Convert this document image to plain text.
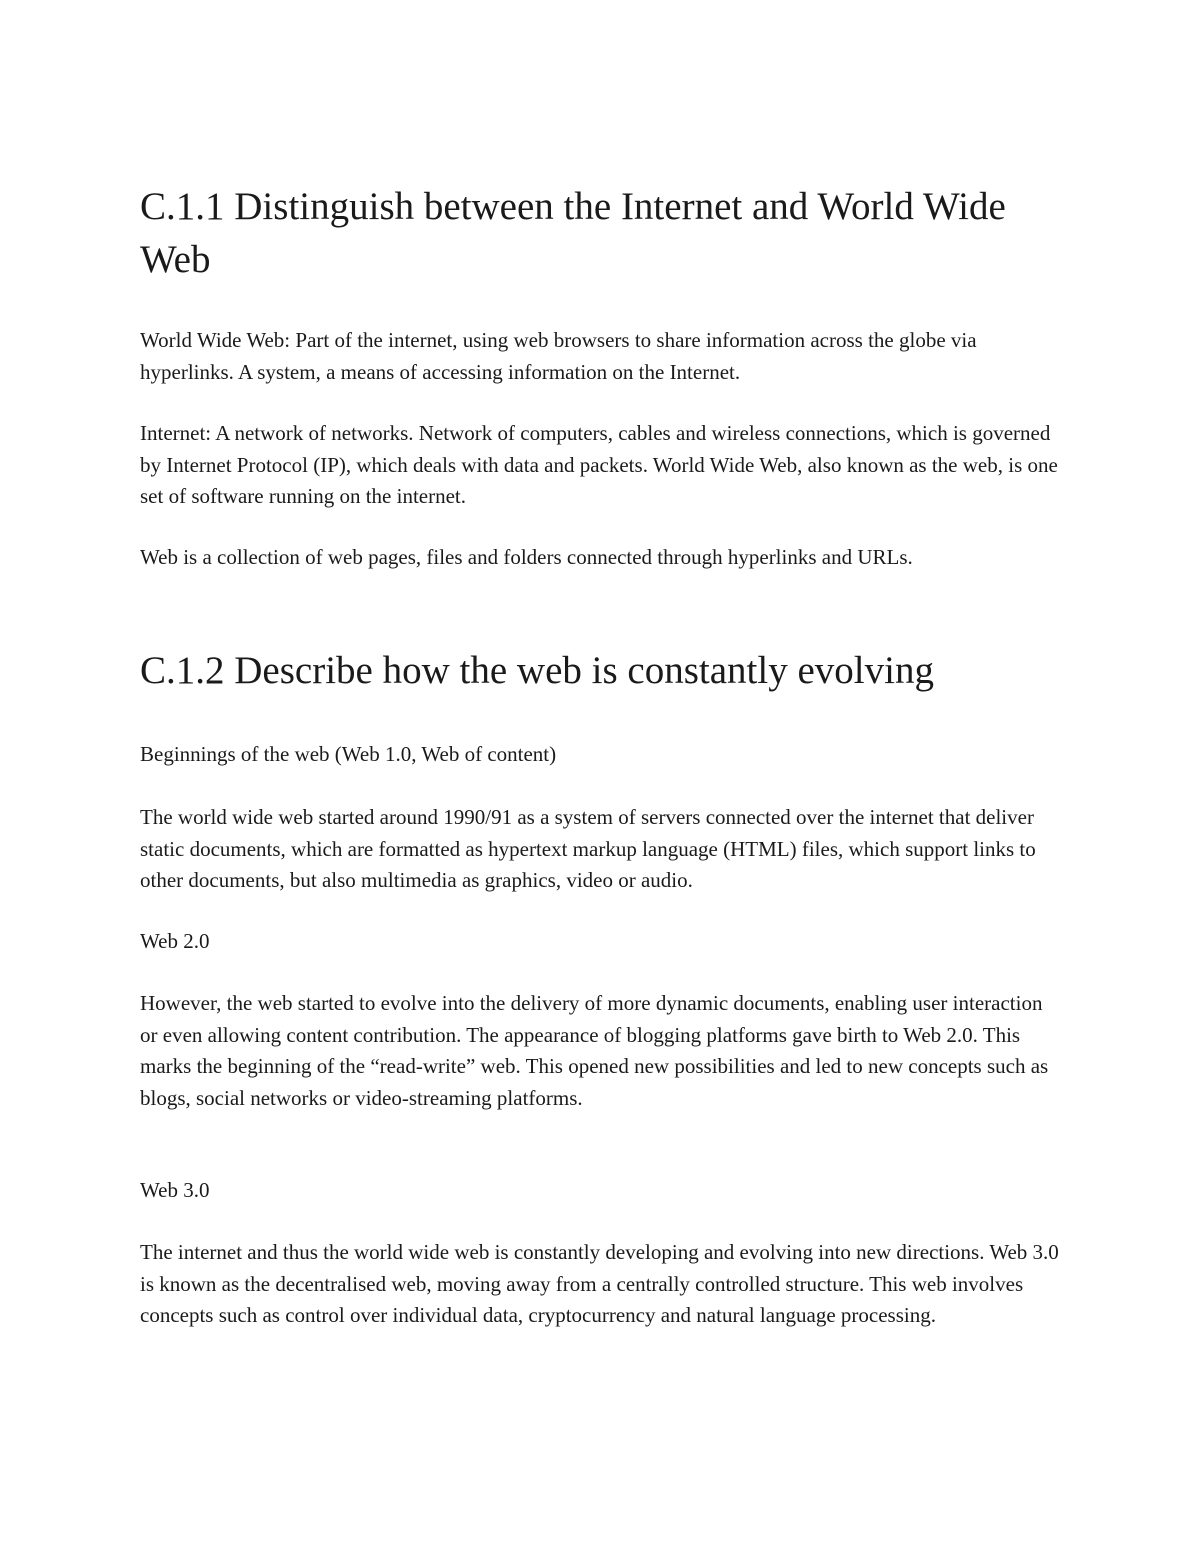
C.1.1 Distinguish between the Internet and World Wide Web

World Wide Web: Part of the internet, using web browsers to share information across the globe via hyperlinks. A system, a means of accessing information on the Internet.

Internet: A network of networks. Network of computers, cables and wireless connections, which is governed by Internet Protocol (IP), which deals with data and packets. World Wide Web, also known as the web, is one set of software running on the internet.

Web is a collection of web pages, files and folders connected through hyperlinks and URLs.

C.1.2 Describe how the web is constantly evolving

Beginnings of the web (Web 1.0, Web of content)

The world wide web started around 1990/91 as a system of servers connected over the internet that deliver static documents, which are formatted as hypertext markup language (HTML) files, which support links to other documents, but also multimedia as graphics, video or audio.

Web 2.0

However, the web started to evolve into the delivery of more dynamic documents, enabling user interaction or even allowing content contribution. The appearance of blogging platforms gave birth to Web 2.0. This marks the beginning of the “read-write” web. This opened new possibilities and led to new concepts such as blogs, social networks or video-streaming platforms.

Web 3.0

The internet and thus the world wide web is constantly developing and evolving into new directions. Web 3.0 is known as the decentralised web, moving away from a centrally controlled structure. This web involves concepts such as control over individual data, cryptocurrency and natural language processing.
